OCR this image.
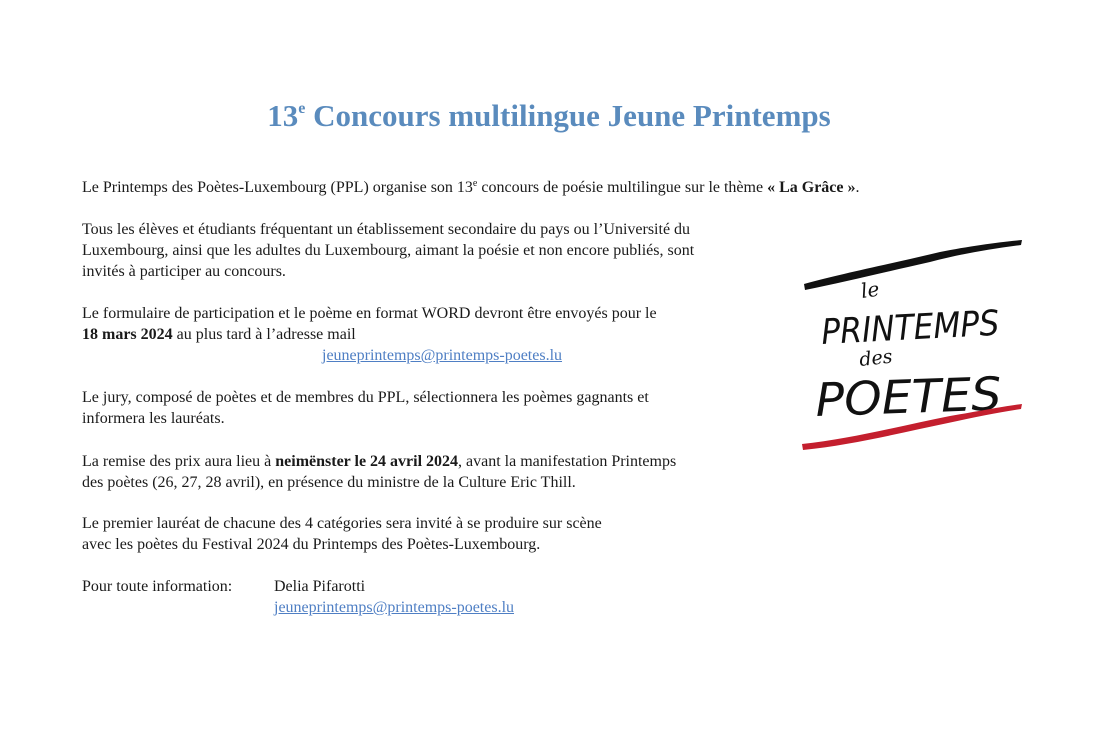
13e Concours multilingue Jeune Printemps

Le Printemps des Poètes-Luxembourg (PPL) organise son 13e concours de poésie multilingue sur le thème « La Grâce ».

Tous les élèves et étudiants fréquentant un établissement secondaire du pays ou l’Université du
Luxembourg, ainsi que les adultes du Luxembourg, aimant la poésie et non encore publiés, sont
invités à participer au concours.

Le formulaire de participation et le poème en format WORD devront être envoyés pour le
18 mars 2024 au plus tard à l’adresse mail
jeuneprintemps@printemps-poetes.lu

Le jury, composé de poètes et de membres du PPL, sélectionnera les poèmes gagnants et
informera les lauréats.

La remise des prix aura lieu à neimënster le 24 avril 2024, avant la manifestation Printemps
des poètes (26, 27, 28 avril), en présence du ministre de la Culture Eric Thill.

Le premier lauréat de chacune des 4 catégories sera invité à se produire sur scène
avec les poètes du Festival 2024 du Printemps des Poètes-Luxembourg.

Pour toute information:	Delia Pifarotti
jeuneprintemps@printemps-poetes.lu

le
PRINTEMPS
des
POETES
